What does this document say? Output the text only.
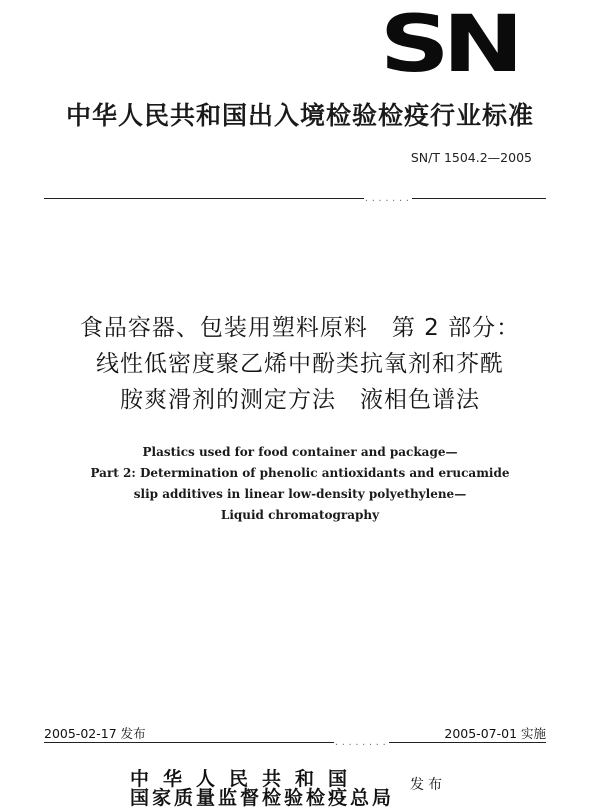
SN
中华人民共和国出入境检验检疫行业标准
SN/T 1504.2—2005
·······
食品容器、包装用塑料原料　第 2 部分：
线性低密度聚乙烯中酚类抗氧剂和芥酰
胺爽滑剂的测定方法　液相色谱法
Plastics used for food container and package—
Part 2: Determination of phenolic antioxidants and erucamide
slip additives in linear low-density polyethylene—
Liquid chromatography
2005-02-17 发布	2005-07-01 实施
········
中华人民共和国
国家质量监督检验检疫总局
发布
